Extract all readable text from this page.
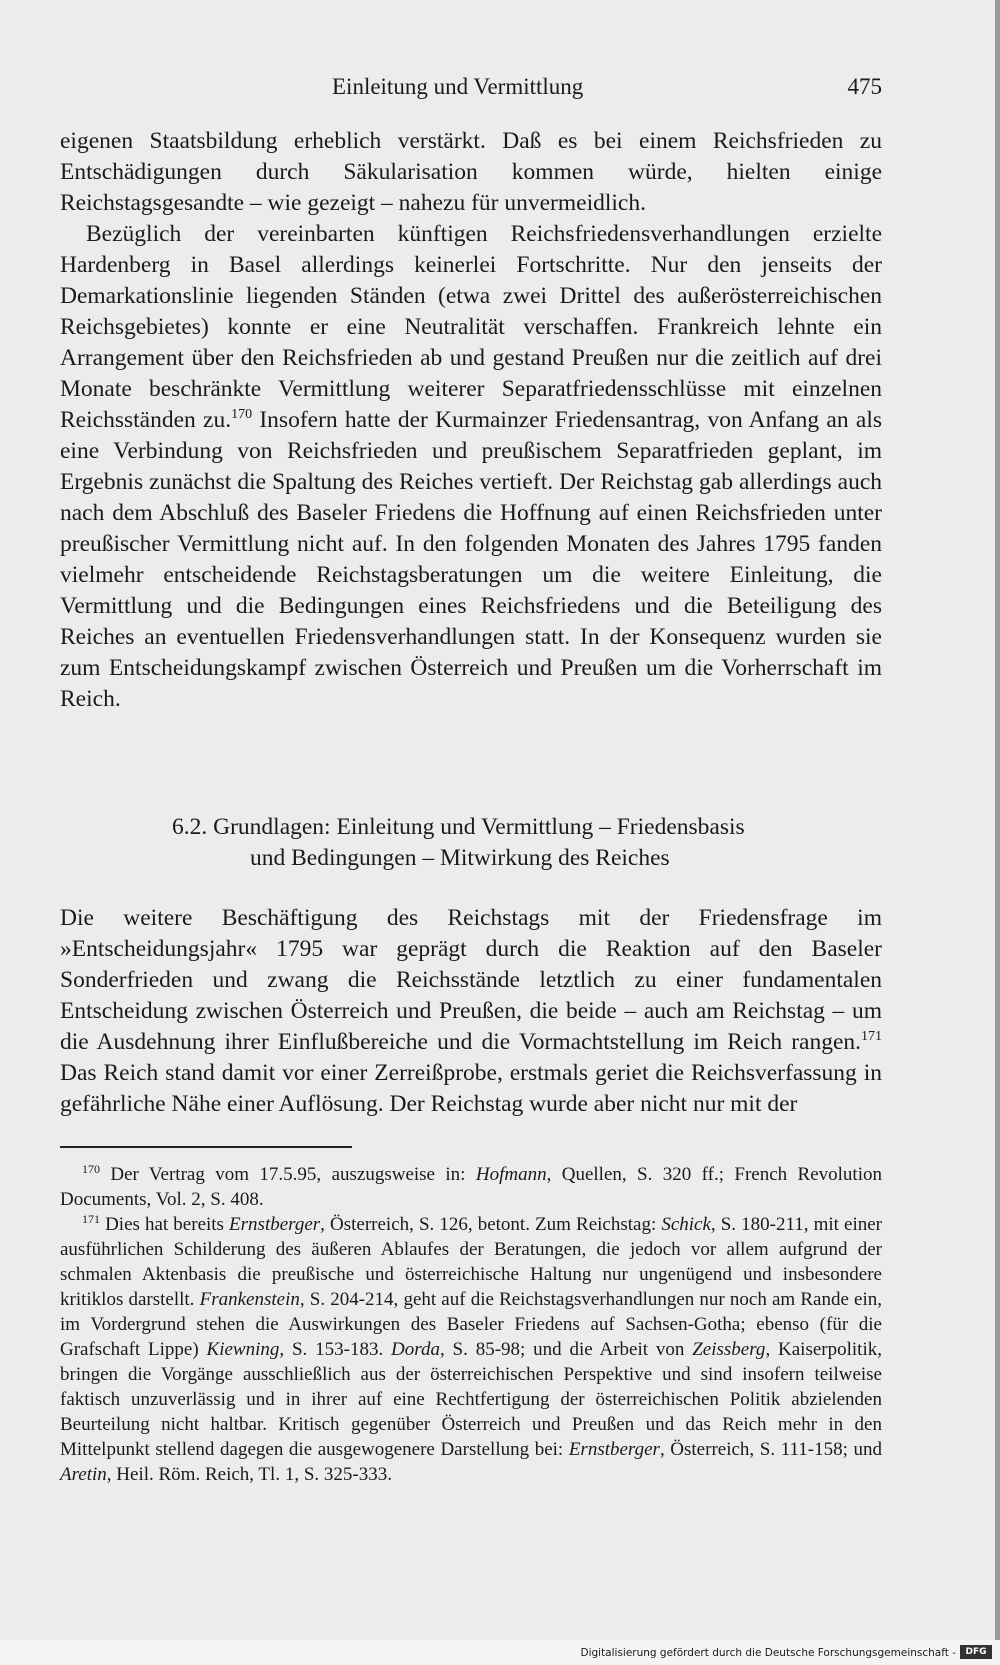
Einleitung und Vermittlung	475

eigenen Staatsbildung erheblich verstärkt. Daß es bei einem Reichsfrieden zu Entschädigungen durch Säkularisation kommen würde, hielten einige Reichstagsgesandte – wie gezeigt – nahezu für unvermeidlich.

Bezüglich der vereinbarten künftigen Reichsfriedensverhandlungen erzielte Hardenberg in Basel allerdings keinerlei Fortschritte. Nur den jenseits der Demarkationslinie liegenden Ständen (etwa zwei Drittel des außerösterreichischen Reichsgebietes) konnte er eine Neutralität verschaffen. Frankreich lehnte ein Arrangement über den Reichsfrieden ab und gestand Preußen nur die zeitlich auf drei Monate beschränkte Vermittlung weiterer Separatfriedensschlüsse mit einzelnen Reichsständen zu.$^{170}$ Insofern hatte der Kurmainzer Friedensantrag, von Anfang an als eine Verbindung von Reichsfrieden und preußischem Separatfrieden geplant, im Ergebnis zunächst die Spaltung des Reiches vertieft. Der Reichstag gab allerdings auch nach dem Abschluß des Baseler Friedens die Hoffnung auf einen Reichsfrieden unter preußischer Vermittlung nicht auf. In den folgenden Monaten des Jahres 1795 fanden vielmehr entscheidende Reichstagsberatungen um die weitere Einleitung, die Vermittlung und die Bedingungen eines Reichsfriedens und die Beteiligung des Reiches an eventuellen Friedensverhandlungen statt. In der Konsequenz wurden sie zum Entscheidungskampf zwischen Österreich und Preußen um die Vorherrschaft im Reich.

6.2. Grundlagen: Einleitung und Vermittlung – Friedensbasis
und Bedingungen – Mitwirkung des Reiches

Die weitere Beschäftigung des Reichstags mit der Friedensfrage im »Entscheidungsjahr« 1795 war geprägt durch die Reaktion auf den Baseler Sonderfrieden und zwang die Reichsstände letztlich zu einer fundamentalen Entscheidung zwischen Österreich und Preußen, die beide – auch am Reichstag – um die Ausdehnung ihrer Einflußbereiche und die Vormachtstellung im Reich rangen.$^{171}$ Das Reich stand damit vor einer Zerreißprobe, erstmals geriet die Reichsverfassung in gefährliche Nähe einer Auflösung. Der Reichstag wurde aber nicht nur mit der

$^{170}$ Der Vertrag vom 17.5.95, auszugsweise in: Hofmann, Quellen, S. 320 ff.; French Revolution Documents, Vol. 2, S. 408.

$^{171}$ Dies hat bereits Ernstberger, Österreich, S. 126, betont. Zum Reichstag: Schick, S. 180-211, mit einer ausführlichen Schilderung des äußeren Ablaufes der Beratungen, die jedoch vor allem aufgrund der schmalen Aktenbasis die preußische und österreichische Haltung nur ungenügend und insbesondere kritiklos darstellt. Frankenstein, S. 204-214, geht auf die Reichstagsverhandlungen nur noch am Rande ein, im Vordergrund stehen die Auswirkungen des Baseler Friedens auf Sachsen-Gotha; ebenso (für die Grafschaft Lippe) Kiewning, S. 153-183. Dorda, S. 85-98; und die Arbeit von Zeissberg, Kaiserpolitik, bringen die Vorgänge ausschließlich aus der österreichischen Perspektive und sind insofern teilweise faktisch unzuverlässig und in ihrer auf eine Rechtfertigung der österreichischen Politik abzielenden Beurteilung nicht haltbar. Kritisch gegenüber Österreich und Preußen und das Reich mehr in den Mittelpunkt stellend dagegen die ausgewogenere Darstellung bei: Ernstberger, Österreich, S. 111-158; und Aretin, Heil. Röm. Reich, Tl. 1, S. 325-333.

Digitalisierung gefördert durch die Deutsche Forschungsgemeinschaft -	DFG
